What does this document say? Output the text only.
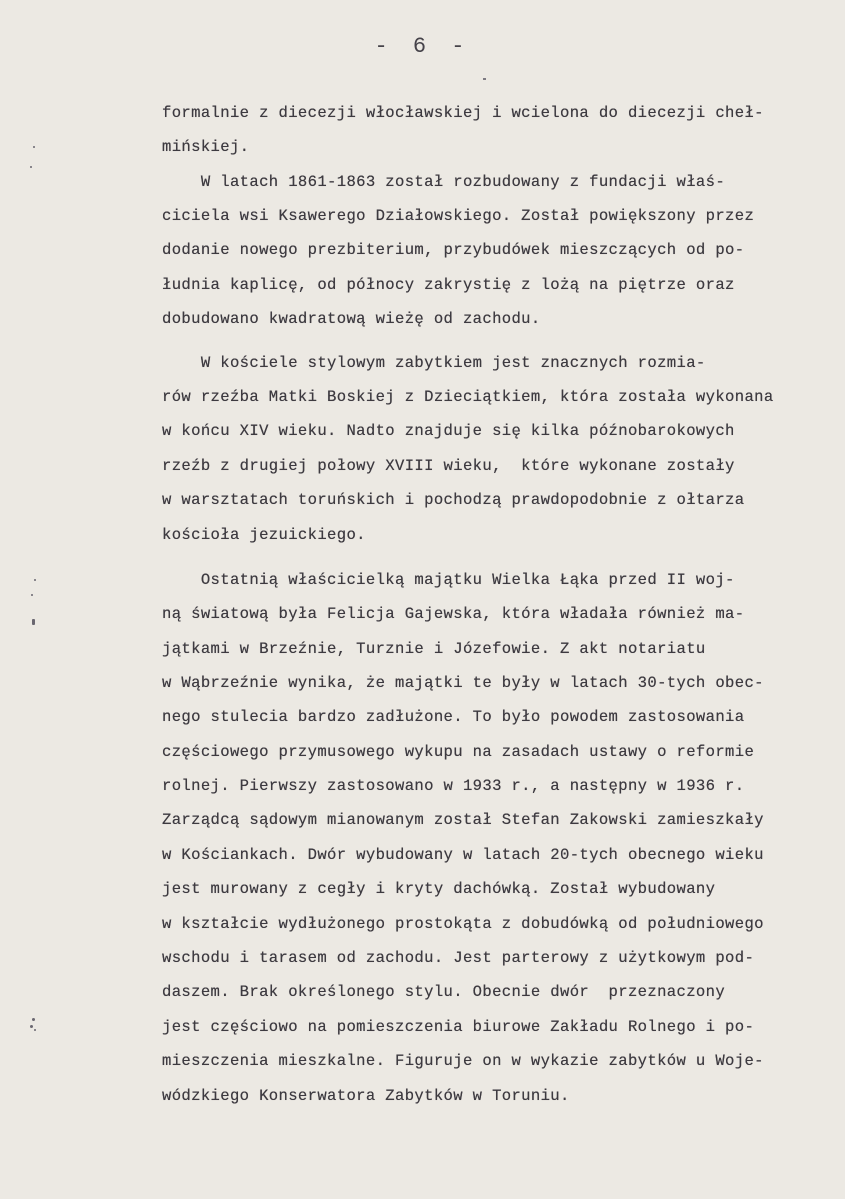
- 6 -
formalnie z diecezji włocławskiej i wcielona do diecezji cheł-
mińskiej.
W latach 1861-1863 został rozbudowany z fundacji właś-
ciciela wsi Ksawerego Działowskiego. Został powiększony przez
dodanie nowego prezbiterium, przybudówek mieszczących od po-
łudnia kaplicę, od północy zakrystię z lożą na piętrze oraz
dobudowano kwadratową wieżę od zachodu.
W kościele stylowym zabytkiem jest znacznych rozmia-
rów rzeźba Matki Boskiej z Dzieciątkiem, która została wykonana
w końcu XIV wieku. Nadto znajduje się kilka późnobarokowych
rzeźb z drugiej połowy XVIII wieku,  które wykonane zostały
w warsztatach toruńskich i pochodzą prawdopodobnie z ołtarza
kościoła jezuickiego.
Ostatnią właścicielką majątku Wielka Łąka przed II woj-
ną światową była Felicja Gajewska, która władała również ma-
jątkami w Brzeźnie, Turznie i Józefowie. Z akt notariatu
w Wąbrzeźnie wynika, że majątki te były w latach 30-tych obec-
nego stulecia bardzo zadłużone. To było powodem zastosowania
częściowego przymusowego wykupu na zasadach ustawy o reformie
rolnej. Pierwszy zastosowano w 1933 r., a następny w 1936 r.
Zarządcą sądowym mianowanym został Stefan Zakowski zamieszkały
w Kościankach. Dwór wybudowany w latach 20-tych obecnego wieku
jest murowany z cegły i kryty dachówką. Został wybudowany
w kształcie wydłużonego prostokąta z dobudówką od południowego
wschodu i tarasem od zachodu. Jest parterowy z użytkowym pod-
daszem. Brak określonego stylu. Obecnie dwór  przeznaczony
jest częściowo na pomieszczenia biurowe Zakładu Rolnego i po-
mieszczenia mieszkalne. Figuruje on w wykazie zabytków u Woje-
wódzkiego Konserwatora Zabytków w Toruniu.
